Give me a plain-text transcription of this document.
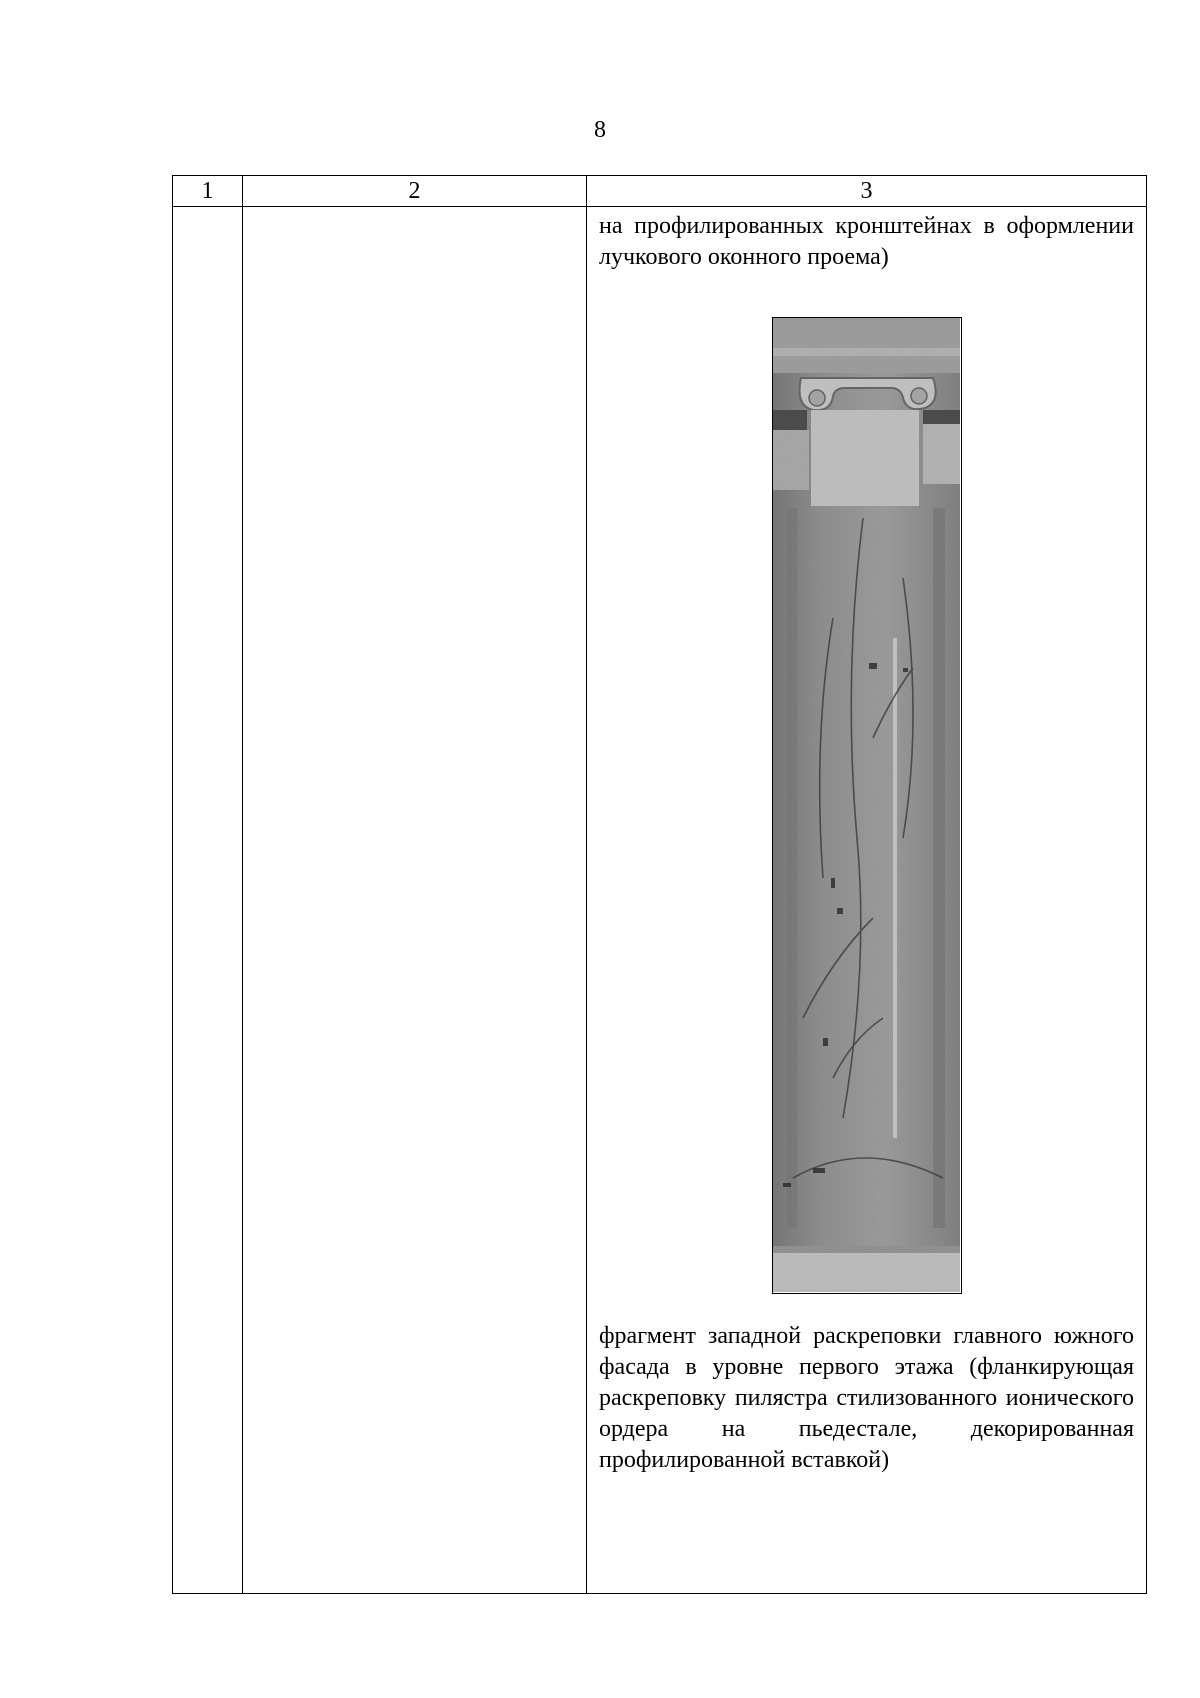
8
1	2	3

		на профилированных кронштейнах в оформлении лучкового оконного проема)
фрагмент западной раскреповки главного южного фасада в уровне первого этажа (фланкирующая раскреповку пилястра стилизованного ионического ордера на пьедестале, декорированная профилированной вставкой)
